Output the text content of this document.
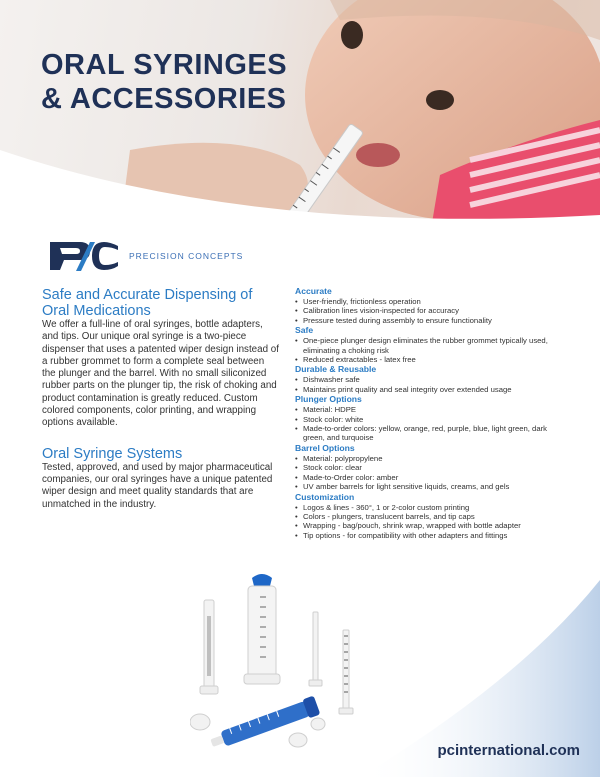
ORAL SYRINGES
& ACCESSORIES
PRECISION CONCEPTS
Safe and Accurate Dispensing of Oral Medications

We offer a full-line of oral syringes, bottle adapters, and tips. Our unique oral syringe is a two-piece dispenser that uses a patented wiper design instead of a rubber grommet to form a complete seal between the plunger and the barrel. With no small siliconized rubber parts on the plunger tip, the risk of choking and product contamination is greatly reduced. Custom colored components, color printing, and wrapping options available.

Oral Syringe Systems

Tested, approved, and used by major pharmaceutical companies, our oral syringes have a unique patented wiper design and meet quality standards that are unmatched in the industry.

Accurate

• User-friendly, frictionless operation
• Calibration lines vision-inspected for accuracy
• Pressure tested during assembly to ensure functionality

Safe

• One-piece plunger design eliminates the rubber grommet typically used, eliminating a choking risk
• Reduced extractables - latex free

Durable & Reusable

• Dishwasher safe
• Maintains print quality and seal integrity over extended usage

Plunger Options

• Material: HDPE
• Stock color: white
• Made-to-order colors: yellow, orange, red, purple, blue, light green, dark green, and turquoise

Barrel Options

• Material: polypropylene
• Stock color: clear
• Made-to-Order color: amber
• UV amber barrels for light sensitive liquids, creams, and gels

Customization

• Logos & lines - 360°, 1 or 2-color custom printing
• Colors - plungers, translucent barrels, and tip caps
• Wrapping - bag/pouch, shrink wrap, wrapped with bottle adapter
• Tip options - for compatibility with other adapters and fittings
pcinternational.com
